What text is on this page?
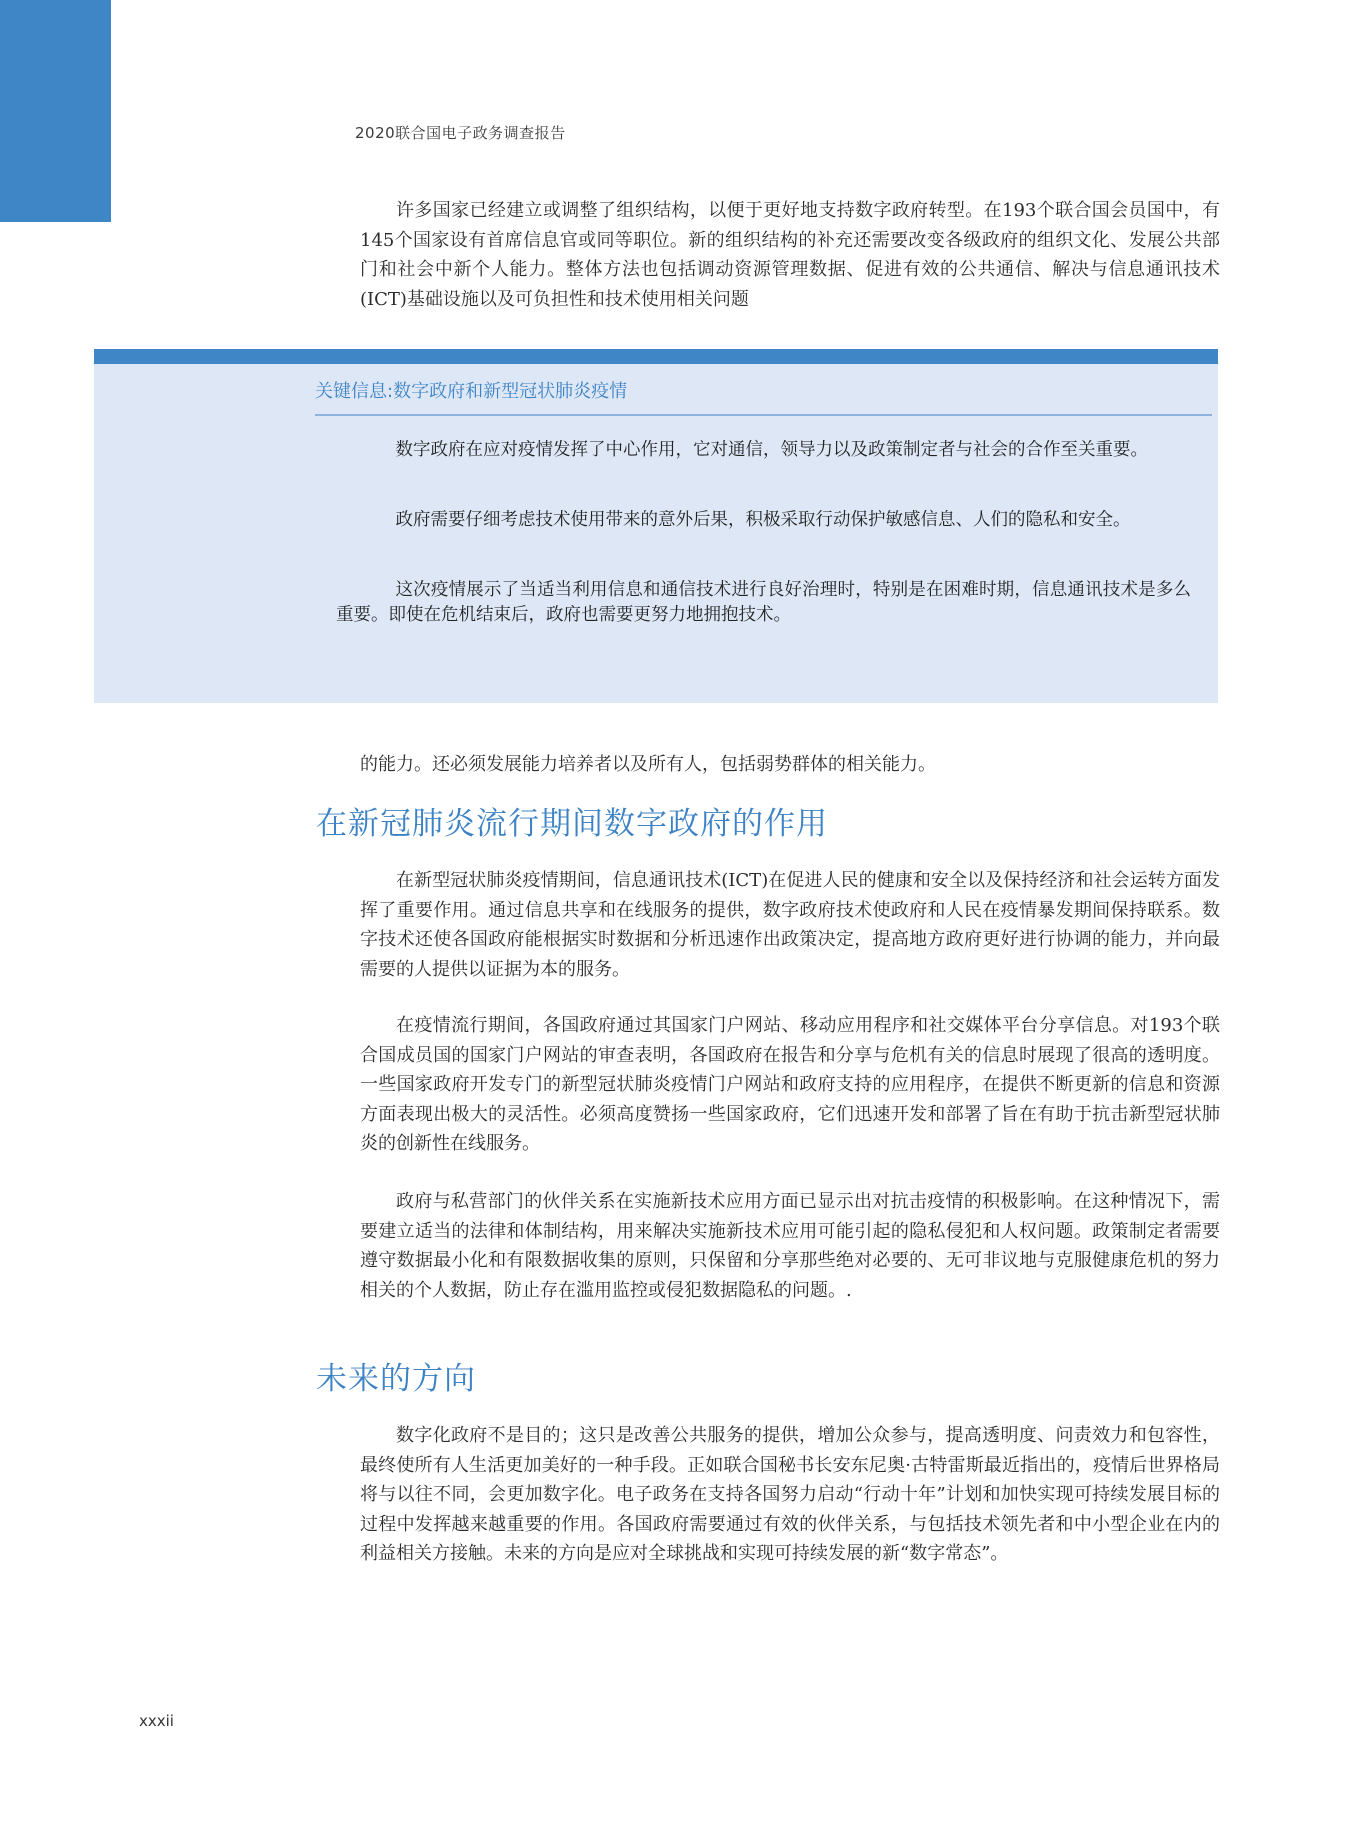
2020联合国电子政务调查报告

许多国家已经建立或调整了组织结构，以便于更好地支持数字政府转型。在193个联合国会员国中，有145个国家设有首席信息官或同等职位。新的组织结构的补充还需要改变各级政府的组织文化、发展公共部门和社会中新个人能力。整体方法也包括调动资源管理数据、促进有效的公共通信、解决与信息通讯技术(ICT)基础设施以及可负担性和技术使用相关问题

关键信息:数字政府和新型冠状肺炎疫情

数字政府在应对疫情发挥了中心作用，它对通信，领导力以及政策制定者与社会的合作至关重要。

政府需要仔细考虑技术使用带来的意外后果，积极采取行动保护敏感信息、人们的隐私和安全。

这次疫情展示了当适当利用信息和通信技术进行良好治理时，特别是在困难时期，信息通讯技术是多么重要。即使在危机结束后，政府也需要更努力地拥抱技术。

的能力。还必须发展能力培养者以及所有人，包括弱势群体的相关能力。

在新冠肺炎流行期间数字政府的作用

在新型冠状肺炎疫情期间，信息通讯技术(ICT)在促进人民的健康和安全以及保持经济和社会运转方面发挥了重要作用。通过信息共享和在线服务的提供，数字政府技术使政府和人民在疫情暴发期间保持联系。数字技术还使各国政府能根据实时数据和分析迅速作出政策决定，提高地方政府更好进行协调的能力，并向最需要的人提供以证据为本的服务。

在疫情流行期间，各国政府通过其国家门户网站、移动应用程序和社交媒体平台分享信息。对193个联合国成员国的国家门户网站的审查表明，各国政府在报告和分享与危机有关的信息时展现了很高的透明度。一些国家政府开发专门的新型冠状肺炎疫情门户网站和政府支持的应用程序，在提供不断更新的信息和资源方面表现出极大的灵活性。必须高度赞扬一些国家政府，它们迅速开发和部署了旨在有助于抗击新型冠状肺炎的创新性在线服务。

政府与私营部门的伙伴关系在实施新技术应用方面已显示出对抗击疫情的积极影响。在这种情况下，需要建立适当的法律和体制结构，用来解决实施新技术应用可能引起的隐私侵犯和人权问题。政策制定者需要遵守数据最小化和有限数据收集的原则，只保留和分享那些绝对必要的、无可非议地与克服健康危机的努力相关的个人数据，防止存在滥用监控或侵犯数据隐私的问题。.

未来的方向

数字化政府不是目的；这只是改善公共服务的提供，增加公众参与，提高透明度、问责效力和包容性，最终使所有人生活更加美好的一种手段。正如联合国秘书长安东尼奥·古特雷斯最近指出的，疫情后世界格局将与以往不同，会更加数字化。电子政务在支持各国努力启动“行动十年”计划和加快实现可持续发展目标的过程中发挥越来越重要的作用。各国政府需要通过有效的伙伴关系，与包括技术领先者和中小型企业在内的利益相关方接触。未来的方向是应对全球挑战和实现可持续发展的新“数字常态”。

xxxii
